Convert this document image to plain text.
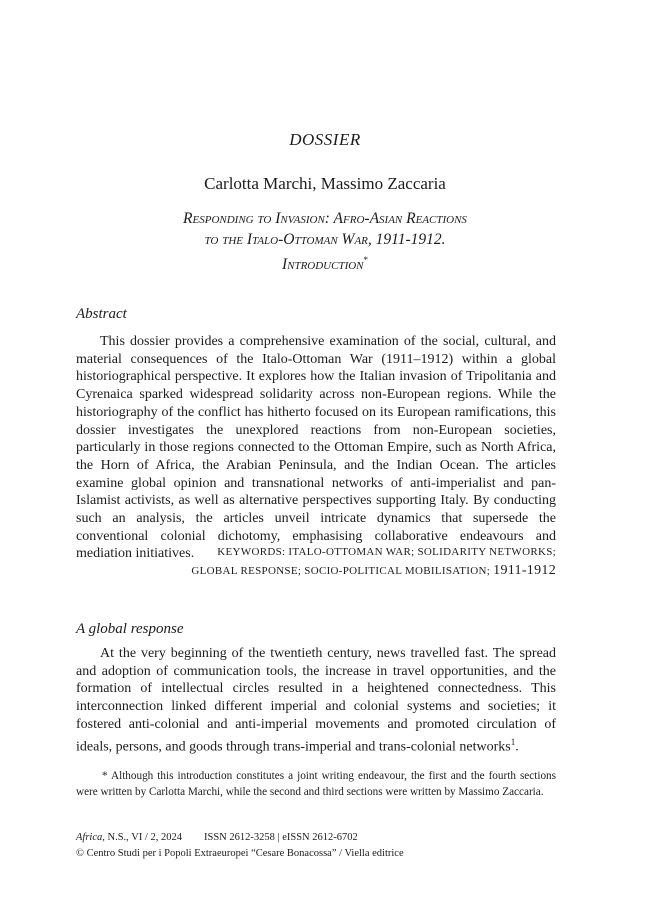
DOSSIER
Carlotta Marchi, Massimo Zaccaria
Responding to Invasion: Afro-Asian Reactions
to the Italo-Ottoman War, 1911-1912.
Introduction*
Abstract
This dossier provides a comprehensive examination of the social, cultural, and material consequences of the Italo-Ottoman War (1911–1912) within a global historiographical perspective. It explores how the Italian invasion of Tripolitania and Cyrenaica sparked widespread solidarity across non-European regions. While the historiography of the conflict has hitherto focused on its European ramifications, this dossier investigates the unexplored reactions from non-European societies, particularly in those regions connected to the Ottoman Empire, such as North Africa, the Horn of Africa, the Arabian Peninsula, and the Indian Ocean. The articles examine global opinion and transnational networks of anti-imperialist and pan-Islamist activists, as well as alternative perspectives supporting Italy. By conducting such an analysis, the articles unveil intricate dynamics that supersede the conventional colonial dichotomy, emphasising collaborative endeavours and mediation initiatives.	KEYWORDS: ITALO-OTTOMAN WAR; SOLIDARITY NETWORKS;
GLOBAL RESPONSE; SOCIO-POLITICAL MOBILISATION; 1911-1912
A global response
At the very beginning of the twentieth century, news travelled fast. The spread and adoption of communication tools, the increase in travel opportunities, and the formation of intellectual circles resulted in a heightened connectedness. This interconnection linked different imperial and colonial systems and societies; it fostered anti-colonial and anti-imperial movements and promoted circulation of ideals, persons, and goods through trans-imperial and trans-colonial networks$^1$.
* Although this introduction constitutes a joint writing endeavour, the first and the fourth sections were written by Carlotta Marchi, while the second and third sections were written by Massimo Zaccaria.
Africa, N.S., VI / 2, 2024 ISSN 2612-3258 | eISSN 2612-6702
© Centro Studi per i Popoli Extraeuropei “Cesare Bonacossa” / Viella editrice
